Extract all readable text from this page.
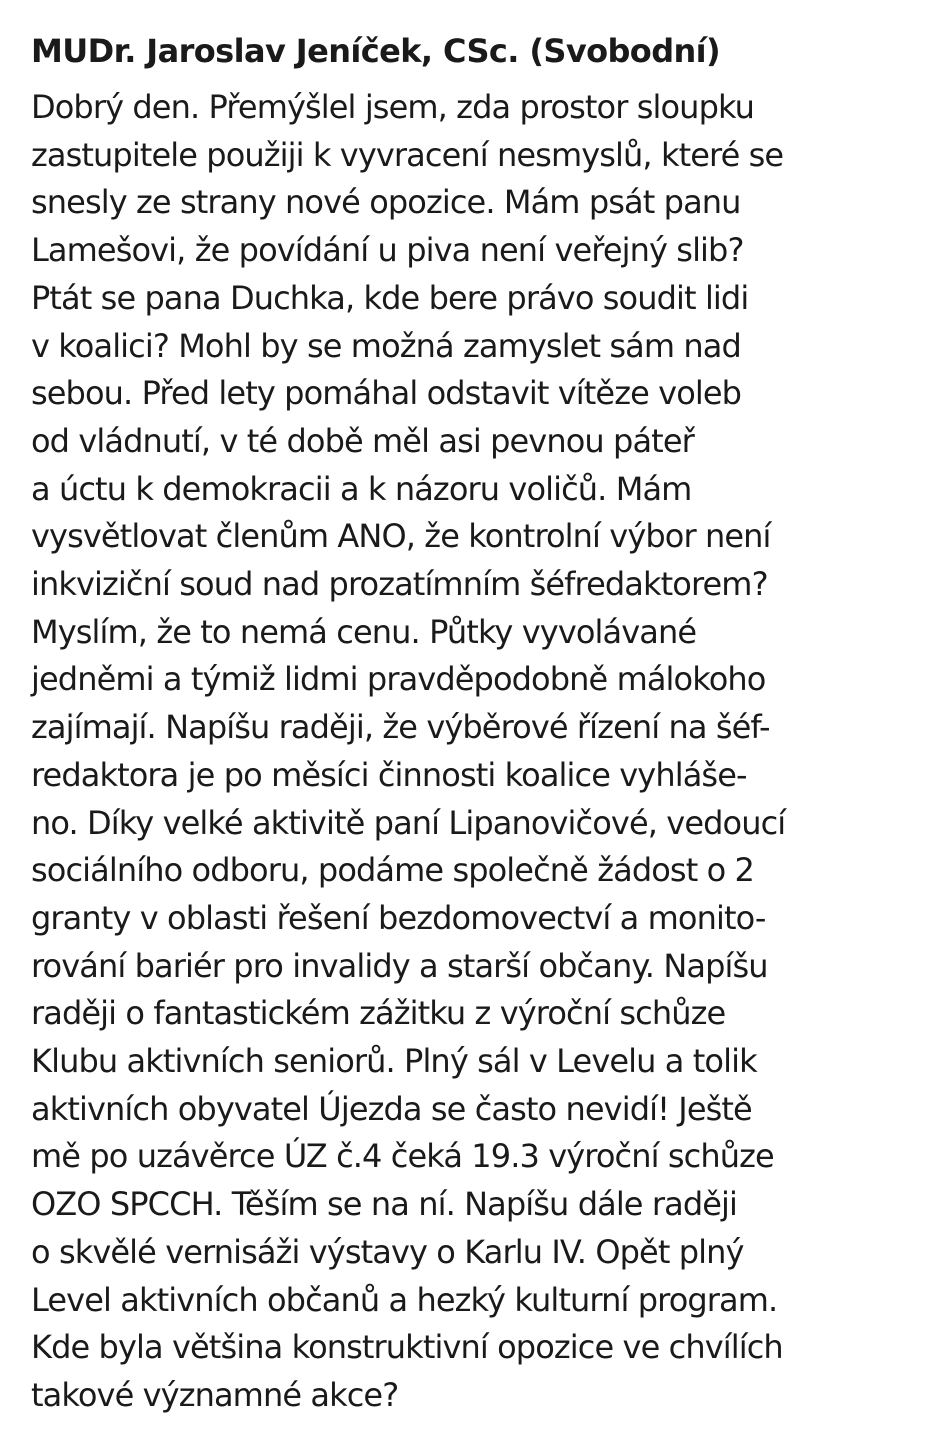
MUDr. Jaroslav Jeníček, CSc. (Svobodní)

Dobrý den. Přemýšlel jsem, zda prostor sloupku
zastupitele použiji k vyvracení nesmyslů, které se
snesly ze strany nové opozice. Mám psát panu
Lamešovi, že povídání u piva není veřejný slib?
Ptát se pana Duchka, kde bere právo soudit lidi
v koalici? Mohl by se možná zamyslet sám nad
sebou. Před lety pomáhal odstavit vítěze voleb
od vládnutí, v té době měl asi pevnou páteř
a úctu k demokracii a k názoru voličů. Mám
vysvětlovat členům ANO, že kontrolní výbor není
inkviziční soud nad prozatímním šéfredaktorem?
Myslím, že to nemá cenu. Půtky vyvolávané
jedněmi a týmiž lidmi pravděpodobně málokoho
zajímají. Napíšu raději, že výběrové řízení na šéf-
redaktora je po měsíci činnosti koalice vyhláše-
no. Díky velké aktivitě paní Lipanovičové, vedoucí
sociálního odboru, podáme společně žádost o 2
granty v oblasti řešení bezdomovectví a monito-
rování bariér pro invalidy a starší občany. Napíšu
raději o fantastickém zážitku z výroční schůze
Klubu aktivních seniorů. Plný sál v Levelu a tolik
aktivních obyvatel Újezda se často nevidí! Ještě
mě po uzávěrce ÚZ č.4 čeká 19.3 výroční schůze
OZO SPCCH. Těším se na ní. Napíšu dále raději
o skvělé vernisáži výstavy o Karlu IV. Opět plný
Level aktivních občanů a hezký kulturní program.
Kde byla většina konstruktivní opozice ve chvílích
takové významné akce?
